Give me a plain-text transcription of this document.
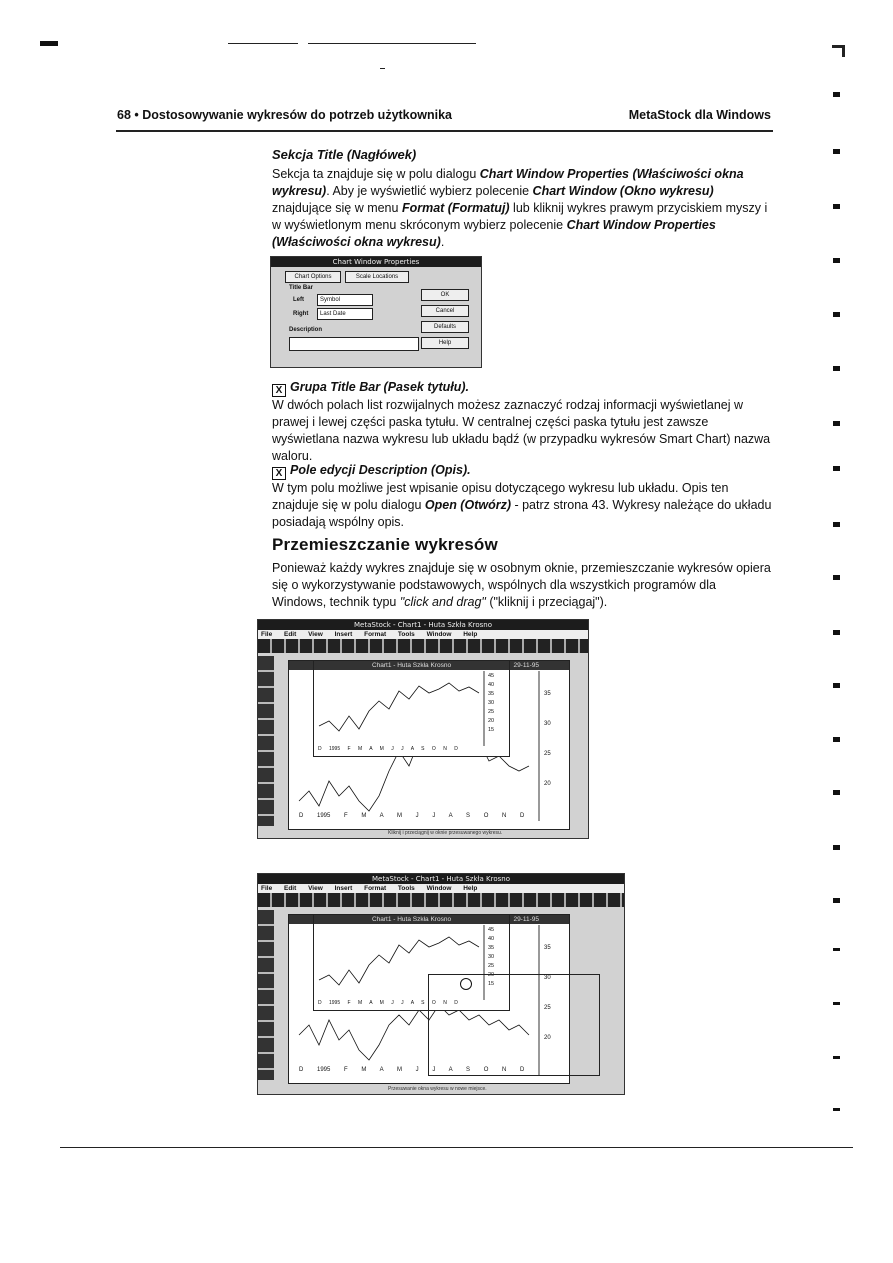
68 • Dostosowywanie wykresów do potrzeb użytkownika	MetaStock dla Windows
Sekcja Title (Nagłówek)
Sekcja ta znajduje się w polu dialogu Chart Window Properties (Właściwości okna wykresu). Aby je wyświetlić wybierz polecenie Chart Window (Okno wykresu) znajdujące się w menu Format (Formatuj) lub kliknij wykres prawym przyciskiem myszy i w wyświetlonym menu skróconym wybierz polecenie Chart Window Properties (Właściwości okna wykresu).
Chart Window Properties
Chart Options	Scale Locations
Title Bar
Left	Symbol
Right	Last Date
Description
OK
Cancel
Defaults
Help
X Grupa Title Bar (Pasek tytułu).
W dwóch polach list rozwijalnych możesz zaznaczyć rodzaj informacji wyświetlanej w prawej i lewej części paska tytułu. W centralnej części paska tytułu jest zawsze wyświetlana nazwa wykresu lub układu bądź (w przypadku wykresów Smart Chart) nazwa waloru.
X Pole edycji Description (Opis).
W tym polu możliwe jest wpisanie opisu dotyczącego wykresu lub układu. Opis ten znajduje się w polu dialogu Open (Otwórz) - patrz strona 43. Wykresy należące do układu posiadają wspólny opis.
Przemieszczanie wykresów
Ponieważ każdy wykres znajduje się w osobnym oknie, przemieszczanie wykresów opiera się o wykorzystywanie podstawowych, wspólnych dla wszystkich programów dla Windows, technik typu "click and drag" ("kliknij i przeciągaj").
MetaStock - Chart1 - Huta Szkła Krosno
File Edit View Insert Format Tools Window Help
29-11-95
35
30
25
20
D 1995 F M A M J J A S O N D
Chart1 - Huta Szkła Krosno
45
40
35
30
25
20
15
D 1995 F M A M J J A S O N D
Kliknij i przeciągnij w oknie przesuwanego wykresu.
MetaStock - Chart1 - Huta Szkła Krosno
File Edit View Insert Format Tools Window Help
29-11-95
35
30
25
20
D 1995 F M A M J J A S O N D
Chart1 - Huta Szkła Krosno
45
40
35
30
25
20
15
D 1995 F M A M J J A S O N D
Przesuwanie okna wykresu w nowe miejsce.
